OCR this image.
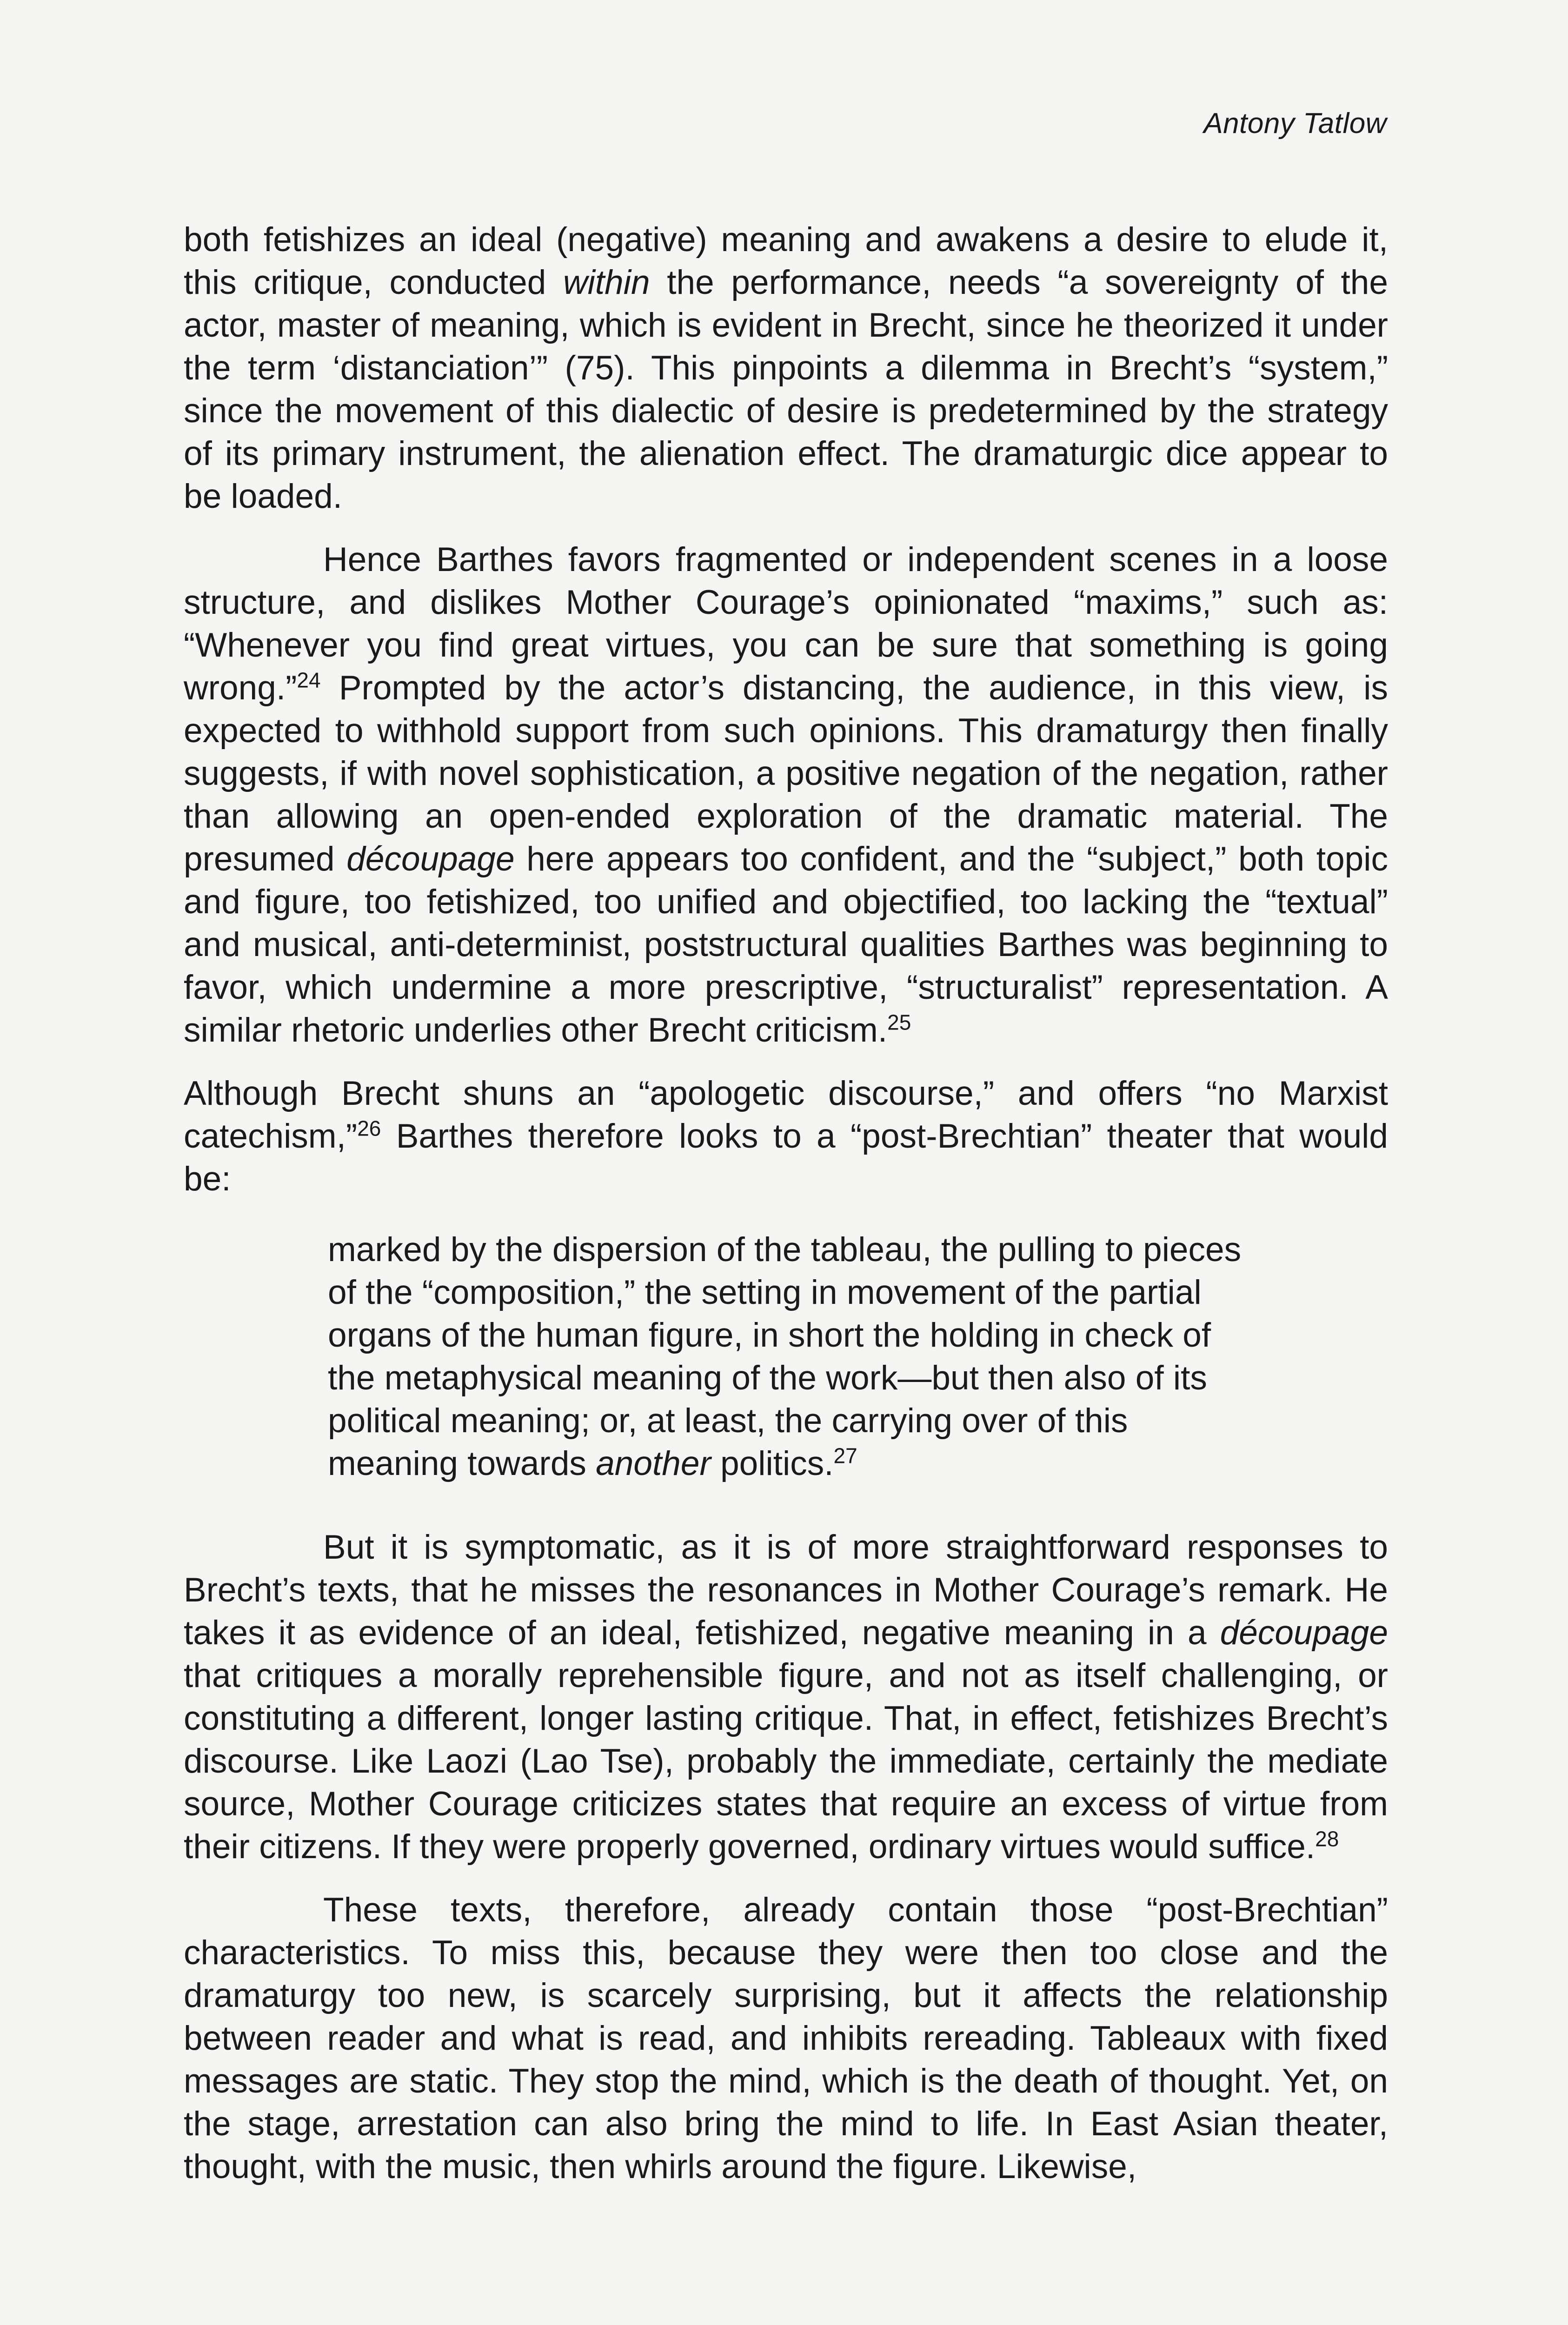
Antony Tatlow

both fetishizes an ideal (negative) meaning and awakens a desire to elude it, this critique, conducted within the performance, needs “a sovereignty of the actor, master of meaning, which is evident in Brecht, since he theorized it under the term ‘distanciation’” (75). This pinpoints a dilemma in Brecht’s “system,” since the movement of this dialectic of desire is predetermined by the strategy of its primary instrument, the alienation effect. The dramaturgic dice appear to be loaded.

Hence Barthes favors fragmented or independent scenes in a loose structure, and dislikes Mother Courage’s opinionated “maxims,” such as: “Whenever you find great virtues, you can be sure that something is going wrong.”$^{24}$ Prompted by the actor’s distancing, the audience, in this view, is expected to withhold support from such opinions. This dramaturgy then finally suggests, if with novel sophistication, a positive negation of the negation, rather than allowing an open-ended exploration of the dramatic material. The presumed découpage here appears too confident, and the “subject,” both topic and figure, too fetishized, too unified and objectified, too lacking the “textual” and musical, anti-determinist, poststructural qualities Barthes was beginning to favor, which undermine a more prescriptive, “structuralist” representation. A similar rhetoric underlies other Brecht criticism.$^{25}$

Although Brecht shuns an “apologetic discourse,” and offers “no Marxist catechism,”$^{26}$ Barthes therefore looks to a “post-Brechtian” theater that would be:

marked by the dispersion of the tableau, the pulling to pieces of the “composition,” the setting in movement of the partial organs of the human figure, in short the holding in check of the metaphysical meaning of the work—but then also of its political meaning; or, at least, the carrying over of this meaning towards another politics.$^{27}$

But it is symptomatic, as it is of more straightforward responses to Brecht’s texts, that he misses the resonances in Mother Courage’s remark. He takes it as evidence of an ideal, fetishized, negative meaning in a découpage that critiques a morally reprehensible figure, and not as itself challenging, or constituting a different, longer lasting critique. That, in effect, fetishizes Brecht’s discourse. Like Laozi (Lao Tse), probably the immediate, certainly the mediate source, Mother Courage criticizes states that require an excess of virtue from their citizens. If they were properly governed, ordinary virtues would suffice.$^{28}$

These texts, therefore, already contain those “post-Brechtian” characteristics. To miss this, because they were then too close and the dramaturgy too new, is scarcely surprising, but it affects the relationship between reader and what is read, and inhibits rereading. Tableaux with fixed messages are static. They stop the mind, which is the death of thought. Yet, on the stage, arrestation can also bring the mind to life. In East Asian theater, thought, with the music, then whirls around the figure. Likewise,
